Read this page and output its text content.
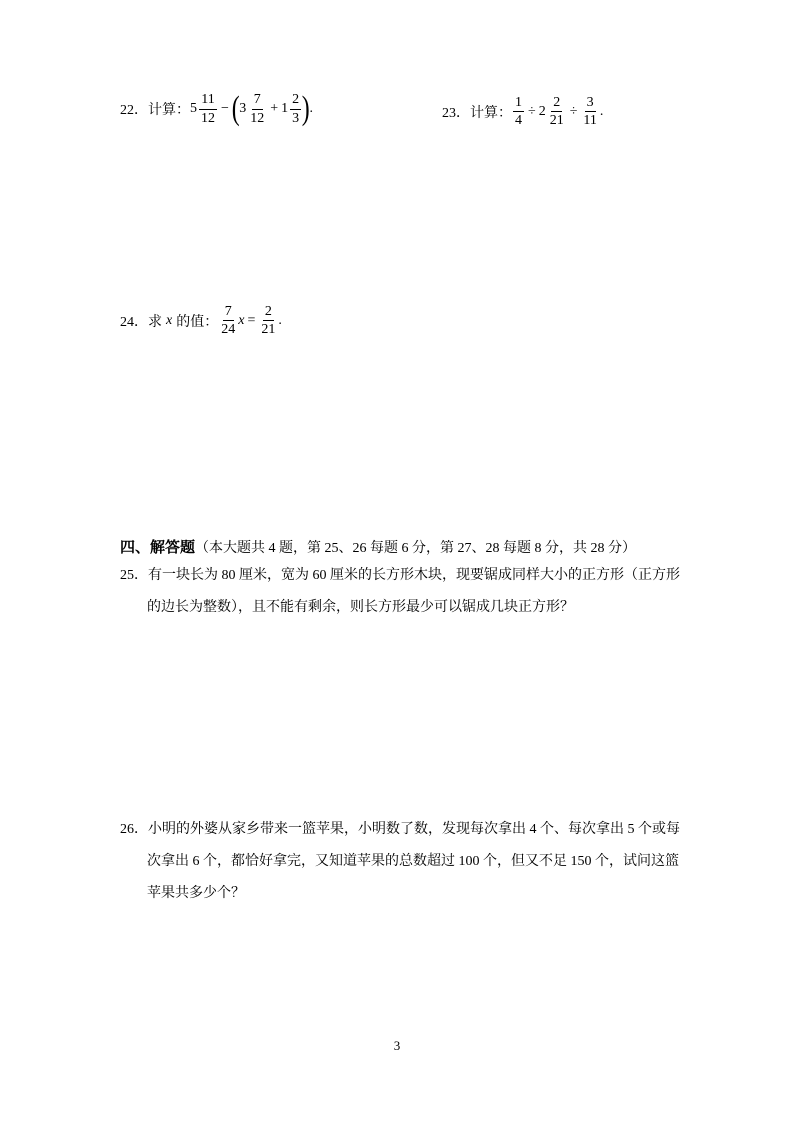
22．计算： $5 \frac{11}{12}$ − ( $3 \frac{7}{12} + 1 \frac{2}{3}$ ) .	23．计算： $\frac{1}{4} \div 2 \frac{2}{21} \div \frac{3}{11}$ .
24．求 x 的值： $\frac{7}{24}$ $x = \frac{2}{21}$ .
四、解答题（本大题共 4 题，第 25、26 每题 6 分，第 27、28 每题 8 分，共 28 分）
25．有一块长为 80 厘米，宽为 60 厘米的长方形木块，现要锯成同样大小的正方形（正方形
的边长为整数），且不能有剩余，则长方形最少可以锯成几块正方形？
26．小明的外婆从家乡带来一篮苹果，小明数了数，发现每次拿出 4 个、每次拿出 5 个或每
次拿出 6 个，都恰好拿完，又知道苹果的总数超过 100 个，但又不足 150 个，试问这篮
苹果共多少个？
3
